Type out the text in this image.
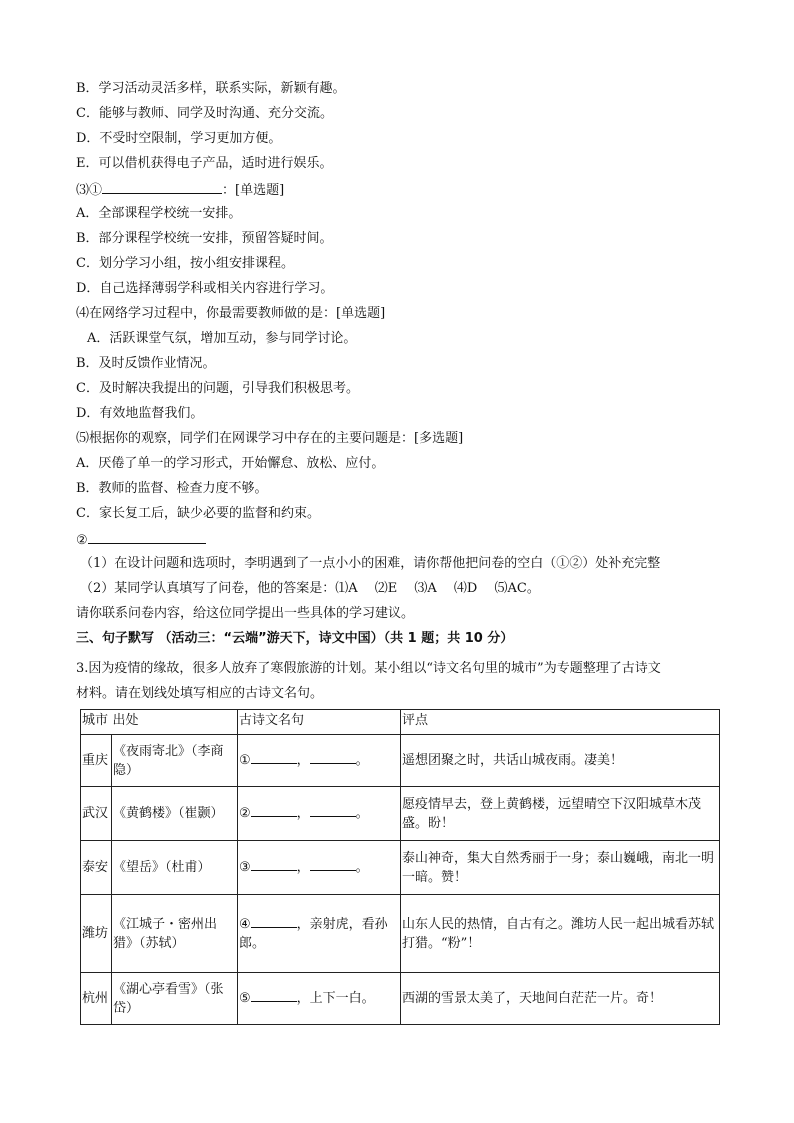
B．学习活动灵活多样，联系实际，新颖有趣。
C．能够与教师、同学及时沟通、充分交流。
D．不受时空限制，学习更加方便。
E．可以借机获得电子产品，适时进行娱乐。
⑶①	：[单选题]
A．全部课程学校统一安排。
B．部分课程学校统一安排，预留答疑时间。
C．划分学习小组，按小组安排课程。
D．自己选择薄弱学科或相关内容进行学习。
⑷在网络学习过程中，你最需要教师做的是：[单选题]
A．活跃课堂气氛，增加互动，参与同学讨论。
B．及时反馈作业情况。
C．及时解决我提出的问题，引导我们积极思考。
D．有效地监督我们。
⑸根据你的观察，同学们在网课学习中存在的主要问题是：[多选题]
A．厌倦了单一的学习形式，开始懈怠、放松、应付。
B．教师的监督、检查力度不够。
C．家长复工后，缺少必要的监督和约束。
②
（1）在设计问题和选项时，李明遇到了一点小小的困难，请你帮他把问卷的空白（①②）处补充完整
（2）某同学认真填写了问卷，他的答案是：⑴A　 ⑵E　 ⑶A　 ⑷D　 ⑸AC。
请你联系问卷内容，给这位同学提出一些具体的学习建议。
三、句子默写 （活动三：“云端”游天下，诗文中国）（共 1 题；共 10 分）
3.因为疫情的缘故，很多人放弃了寒假旅游的计划。某小组以“诗文名句里的城市”为专题整理了古诗文
材料。请在划线处填写相应的古诗文名句。
城市	出处	古诗文名句	评点
重庆	《夜雨寄北》（李商隐）	① ， 。	遥想团聚之时，共话山城夜雨。凄美！
武汉	《黄鹤楼》（崔颢）	② ， 。	愿疫情早去，登上黄鹤楼，远望晴空下汉阳城草木茂盛。盼！
泰安	《望岳》（杜甫）	③ ， 。	泰山神奇，集大自然秀丽于一身；泰山巍峨，南北一明一暗。赞！
潍坊	《江城子・密州出猎》（苏轼）	④ ，亲射虎，看孙郎。	山东人民的热情，自古有之。潍坊人民一起出城看苏轼打猎。“粉”！
杭州	《湖心亭看雪》（张岱）	⑤ ，上下一白。	西湖的雪景太美了，天地间白茫茫一片。奇！
